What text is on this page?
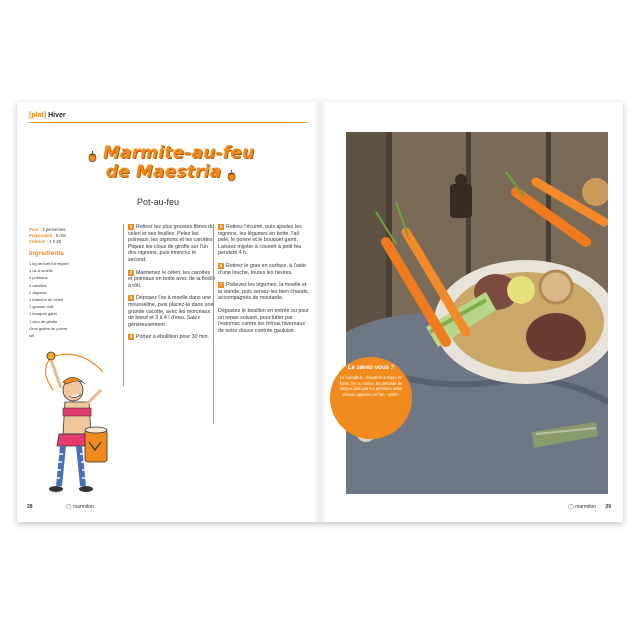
[plat] Hiver
Marmite-au-feu
de Maestria
Pot-au-feu
Pour : 4 personnes
Préparation : 5 min
Cuisson : 4 h 30
Ingrédients
1 kg de bœuf à mijoter
1 os à moelle
4 poireaux
4 carottes
2 oignons
1 branche de céleri
1 gousse d'ail
1 bouquet garni
1 clou de girofle
Gros grains de poivre
sel
1 Retirez les plus grosses fibres du céleri et ses feuilles. Pelez les poireaux, les oignons et les carottes. Piquez les clous de girofle sur l'un des oignons, puis émincez le second.
2 Maintenez le céleri, les carottes et poireaux en botte avec de la ficelle à rôti.
3 Déposez l'os à moelle dans une mousseline, puis placez-la dans une grande cocotte, avec les morceaux de bœuf et 3 à 4 l d'eau. Salez généreusement.
4 Portez à ébullition pour 30 min.
5 Retirez l'écume, puis ajoutez les oignons, les légumes en botte, l'ail pelé, le poivre et le bouquet garni. Laissez mijoter à couvert à petit feu pendant 4 h.
6 Retirez le gras en surface, à l'aide d'une louche, toutes les heures.
7 Prélevez les légumes, la moelle et la viande, puis servez-les bien chauds, accompagnés de moutarde.
Dégustez le bouillon en entrée ou pour un repas suivant, pour lutter par l'estomac contre les frimas hivernaux de notre douce contrée gauloise.
28	◯ marmiton
Le savez-vous ?
Le caccabus, chaudron antique en fonte, fer ou cuivre, fut précédé de longue date par les premiers woks chinois apparus en l'an - 1000 !
◯ marmiton 29
